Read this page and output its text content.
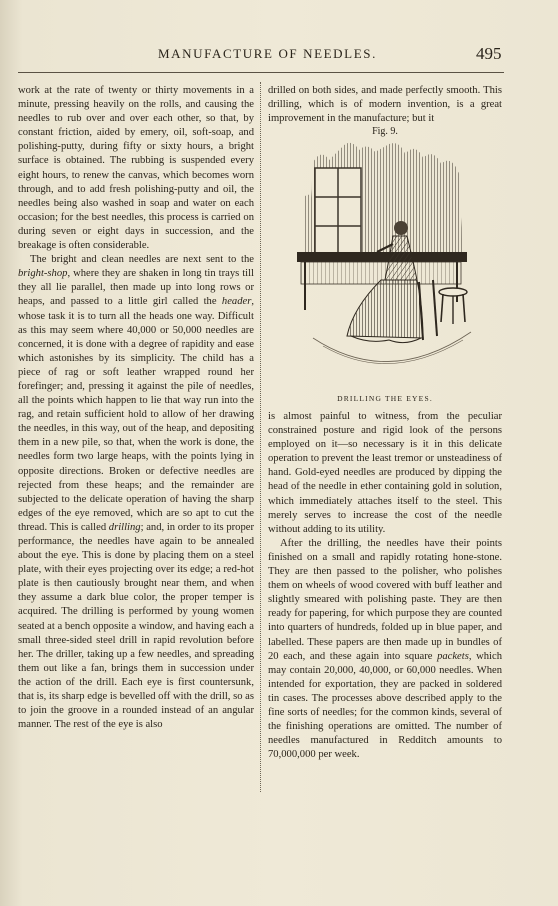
MANUFACTURE OF NEEDLES.	495

work at the rate of twenty or thirty movements in a minute, pressing heavily on the rolls, and causing the needles to rub over and over each other, so that, by constant friction, aided by emery, oil, soft-soap, and polishing-putty, during fifty or sixty hours, a bright surface is obtained. The rubbing is suspended every eight hours, to renew the canvas, which becomes worn through, and to add fresh polishing-putty and oil, the needles being also washed in soap and water on each occasion; for the best needles, this process is carried on during seven or eight days in succession, and the breakage is often considerable.

The bright and clean needles are next sent to the bright-shop, where they are shaken in long tin trays till they all lie parallel, then made up into long rows or heaps, and passed to a little girl called the header, whose task it is to turn all the heads one way. Difficult as this may seem where 40,000 or 50,000 needles are concerned, it is done with a degree of rapidity and ease which astonishes by its simplicity. The child has a piece of rag or soft leather wrapped round her forefinger; and, pressing it against the pile of needles, all the points which happen to lie that way run into the rag, and retain sufficient hold to allow of her drawing the needles, in this way, out of the heap, and depositing them in a new pile, so that, when the work is done, the needles form two large heaps, with the points lying in opposite directions. Broken or defective needles are rejected from these heaps; and the remainder are subjected to the delicate operation of having the sharp edges of the eye removed, which are so apt to cut the thread. This is called drilling; and, in order to its proper performance, the needles have again to be annealed about the eye. This is done by placing them on a steel plate, with their eyes projecting over its edge; a red-hot plate is then cautiously brought near them, and when they assume a dark blue color, the proper temper is acquired. The drilling is performed by young women seated at a bench opposite a window, and having each a small three-sided steel drill in rapid revolution before her. The driller, taking up a few needles, and spreading them out like a fan, brings them in succession under the action of the drill. Each eye is first countersunk, that is, its sharp edge is bevelled off with the drill, so as to join the groove in a rounded instead of an angular manner. The rest of the eye is also

drilled on both sides, and made perfectly smooth. This drilling, which is of modern invention, is a great improvement in the manufacture; but it

Fig. 9.
DRILLING THE EYES.

is almost painful to witness, from the peculiar constrained posture and rigid look of the persons employed on it—so necessary is it in this delicate operation to prevent the least tremor or unsteadiness of hand. Gold-eyed needles are produced by dipping the head of the needle in ether containing gold in solution, which immediately attaches itself to the steel. This merely serves to increase the cost of the needle without adding to its utility.

After the drilling, the needles have their points finished on a small and rapidly rotating hone-stone. They are then passed to the polisher, who polishes them on wheels of wood covered with buff leather and slightly smeared with polishing paste. They are then ready for papering, for which purpose they are counted into quarters of hundreds, folded up in blue paper, and labelled. These papers are then made up in bundles of 20 each, and these again into square packets, which may contain 20,000, 40,000, or 60,000 needles. When intended for exportation, they are packed in soldered tin cases. The processes above described apply to the fine sorts of needles; for the common kinds, several of the finishing operations are omitted. The number of needles manufactured in Redditch amounts to 70,000,000 per week.
